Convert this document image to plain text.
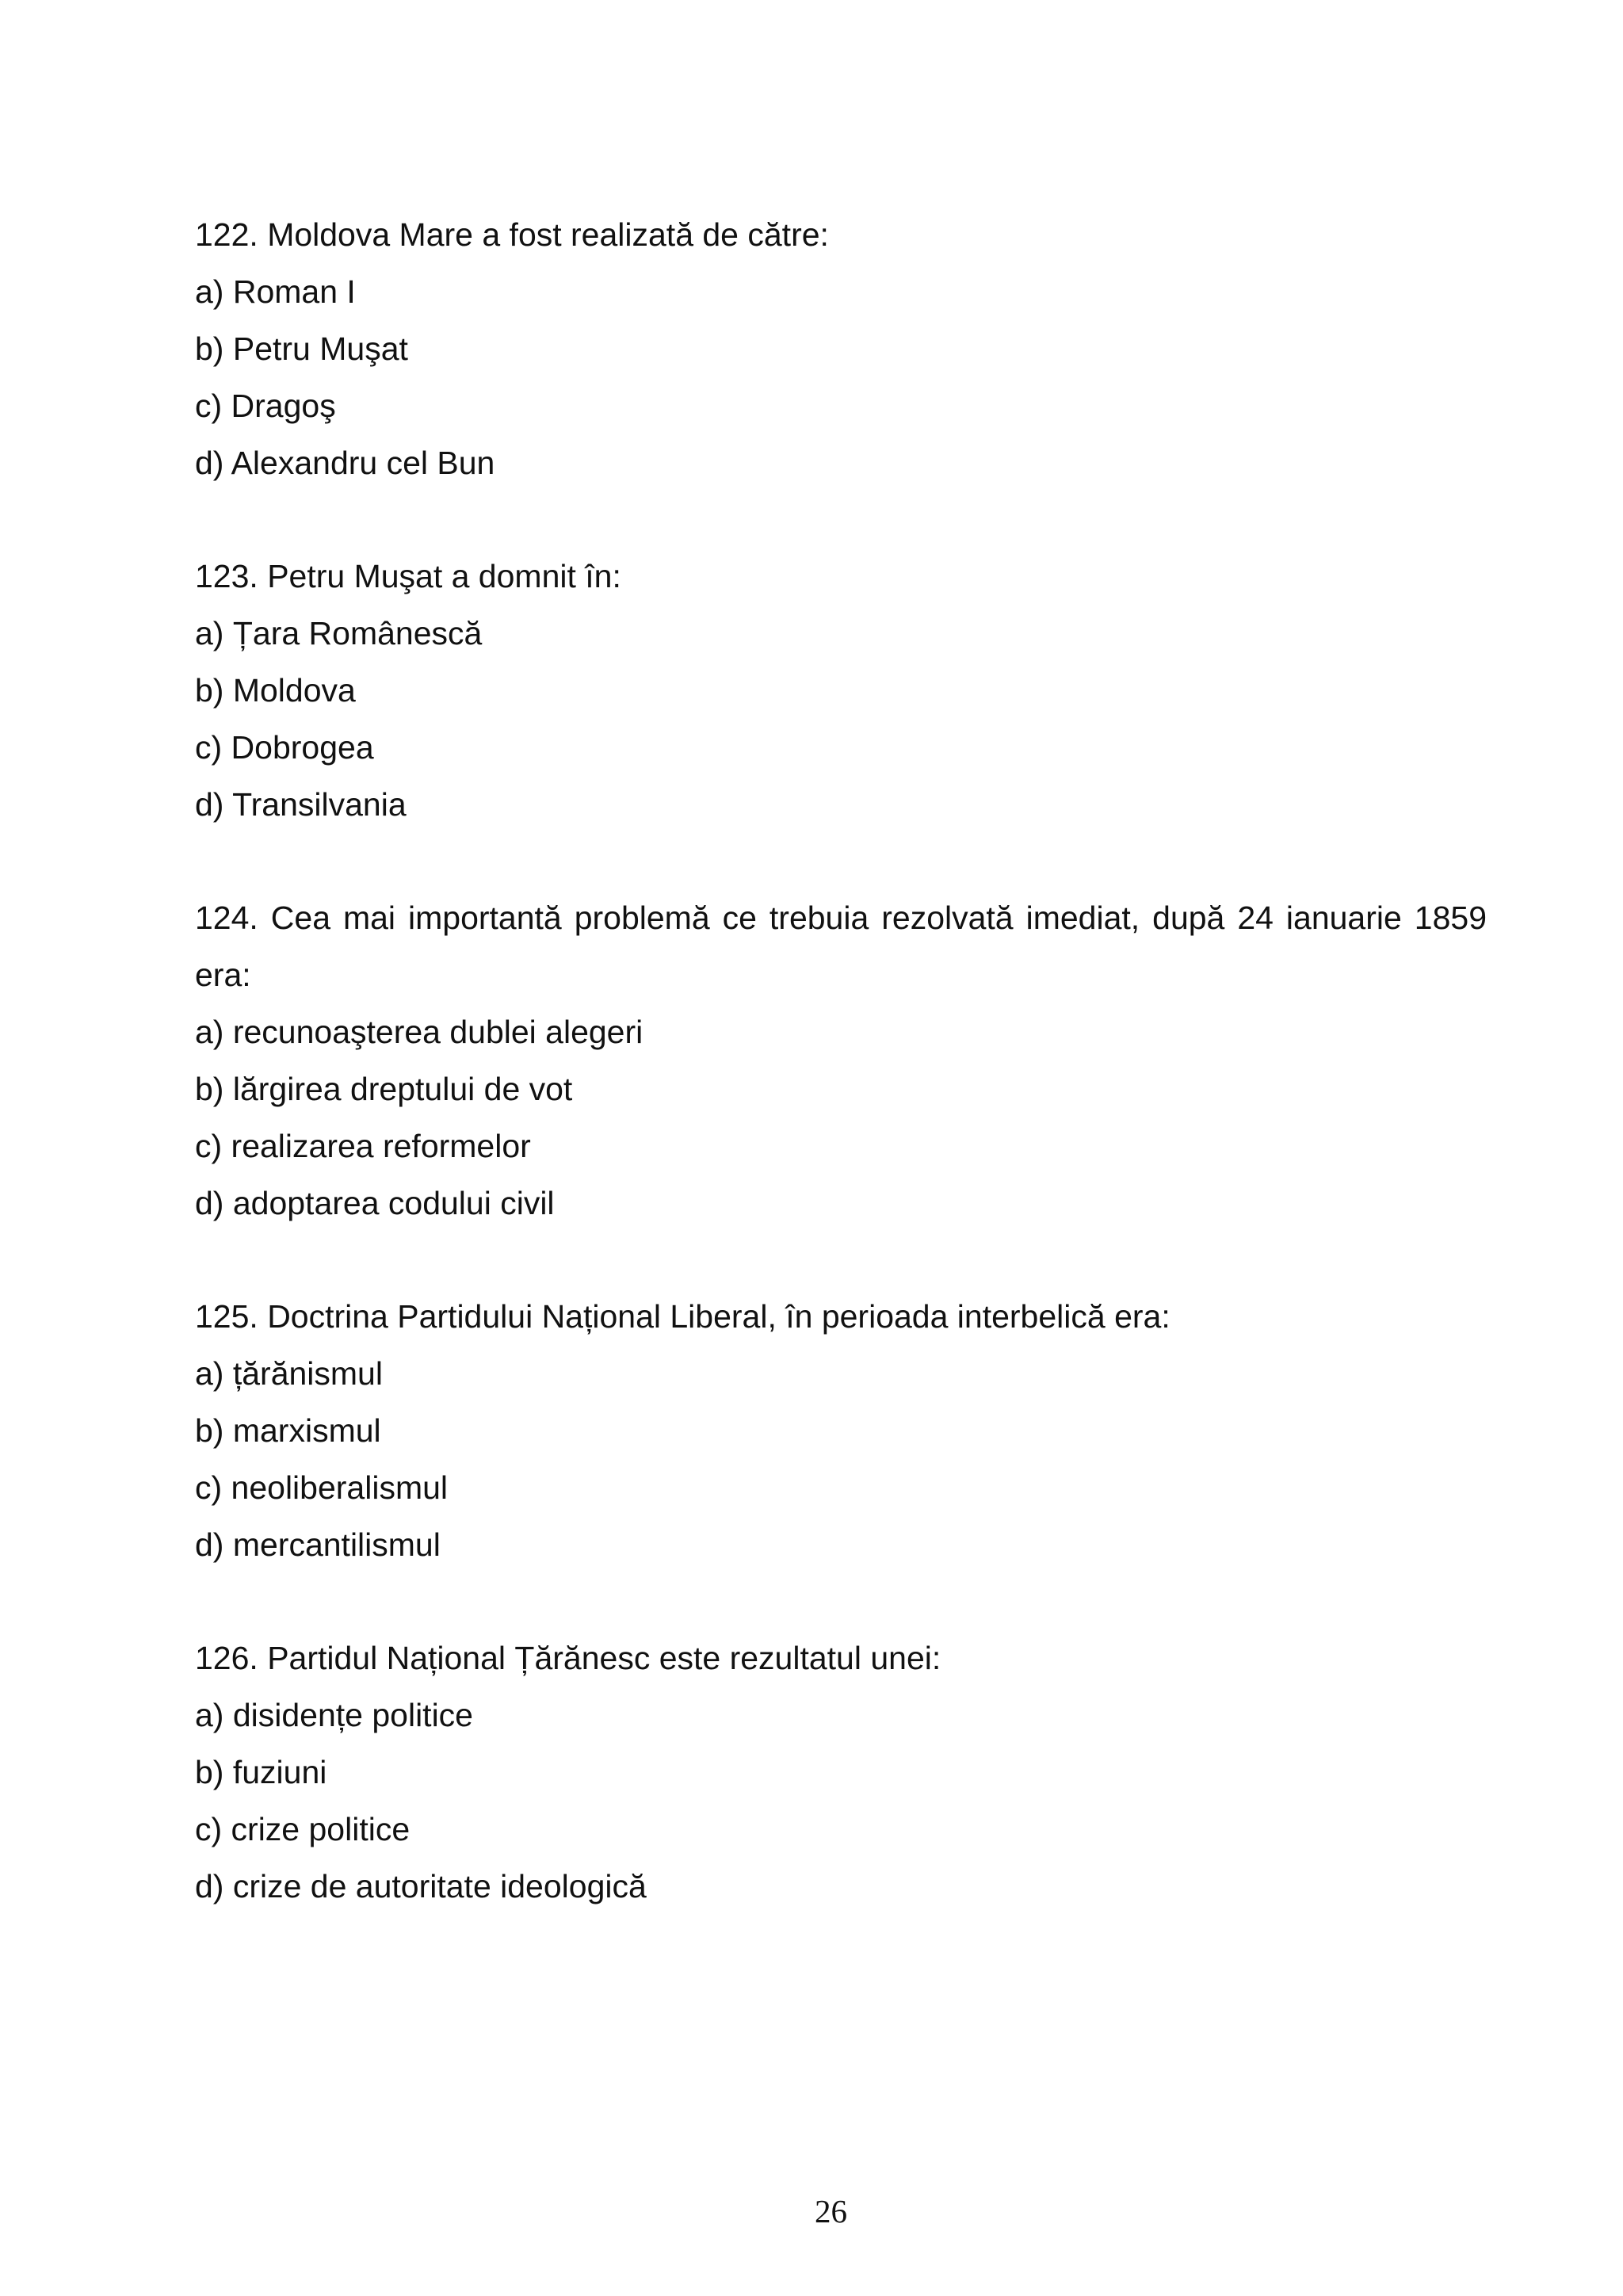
122. Moldova Mare a fost realizată de către:

a) Roman I

b) Petru Muşat

c) Dragoş

d) Alexandru cel Bun

123. Petru Muşat a domnit în:

a) Țara Românescă

b) Moldova

c) Dobrogea

d) Transilvania

124. Cea mai importantă problemă ce trebuia rezolvată imediat, după 24 ianuarie 1859 era:

a) recunoaşterea dublei alegeri

b) lărgirea dreptului de vot

c) realizarea reformelor

d) adoptarea codului civil

125. Doctrina Partidului Național Liberal, în perioada interbelică era:

a) țărănismul

b) marxismul

c) neoliberalismul

d) mercantilismul

126. Partidul Național Țărănesc este rezultatul unei:

a) disidențe politice

b) fuziuni

c) crize politice

d) crize de autoritate ideologică

26
